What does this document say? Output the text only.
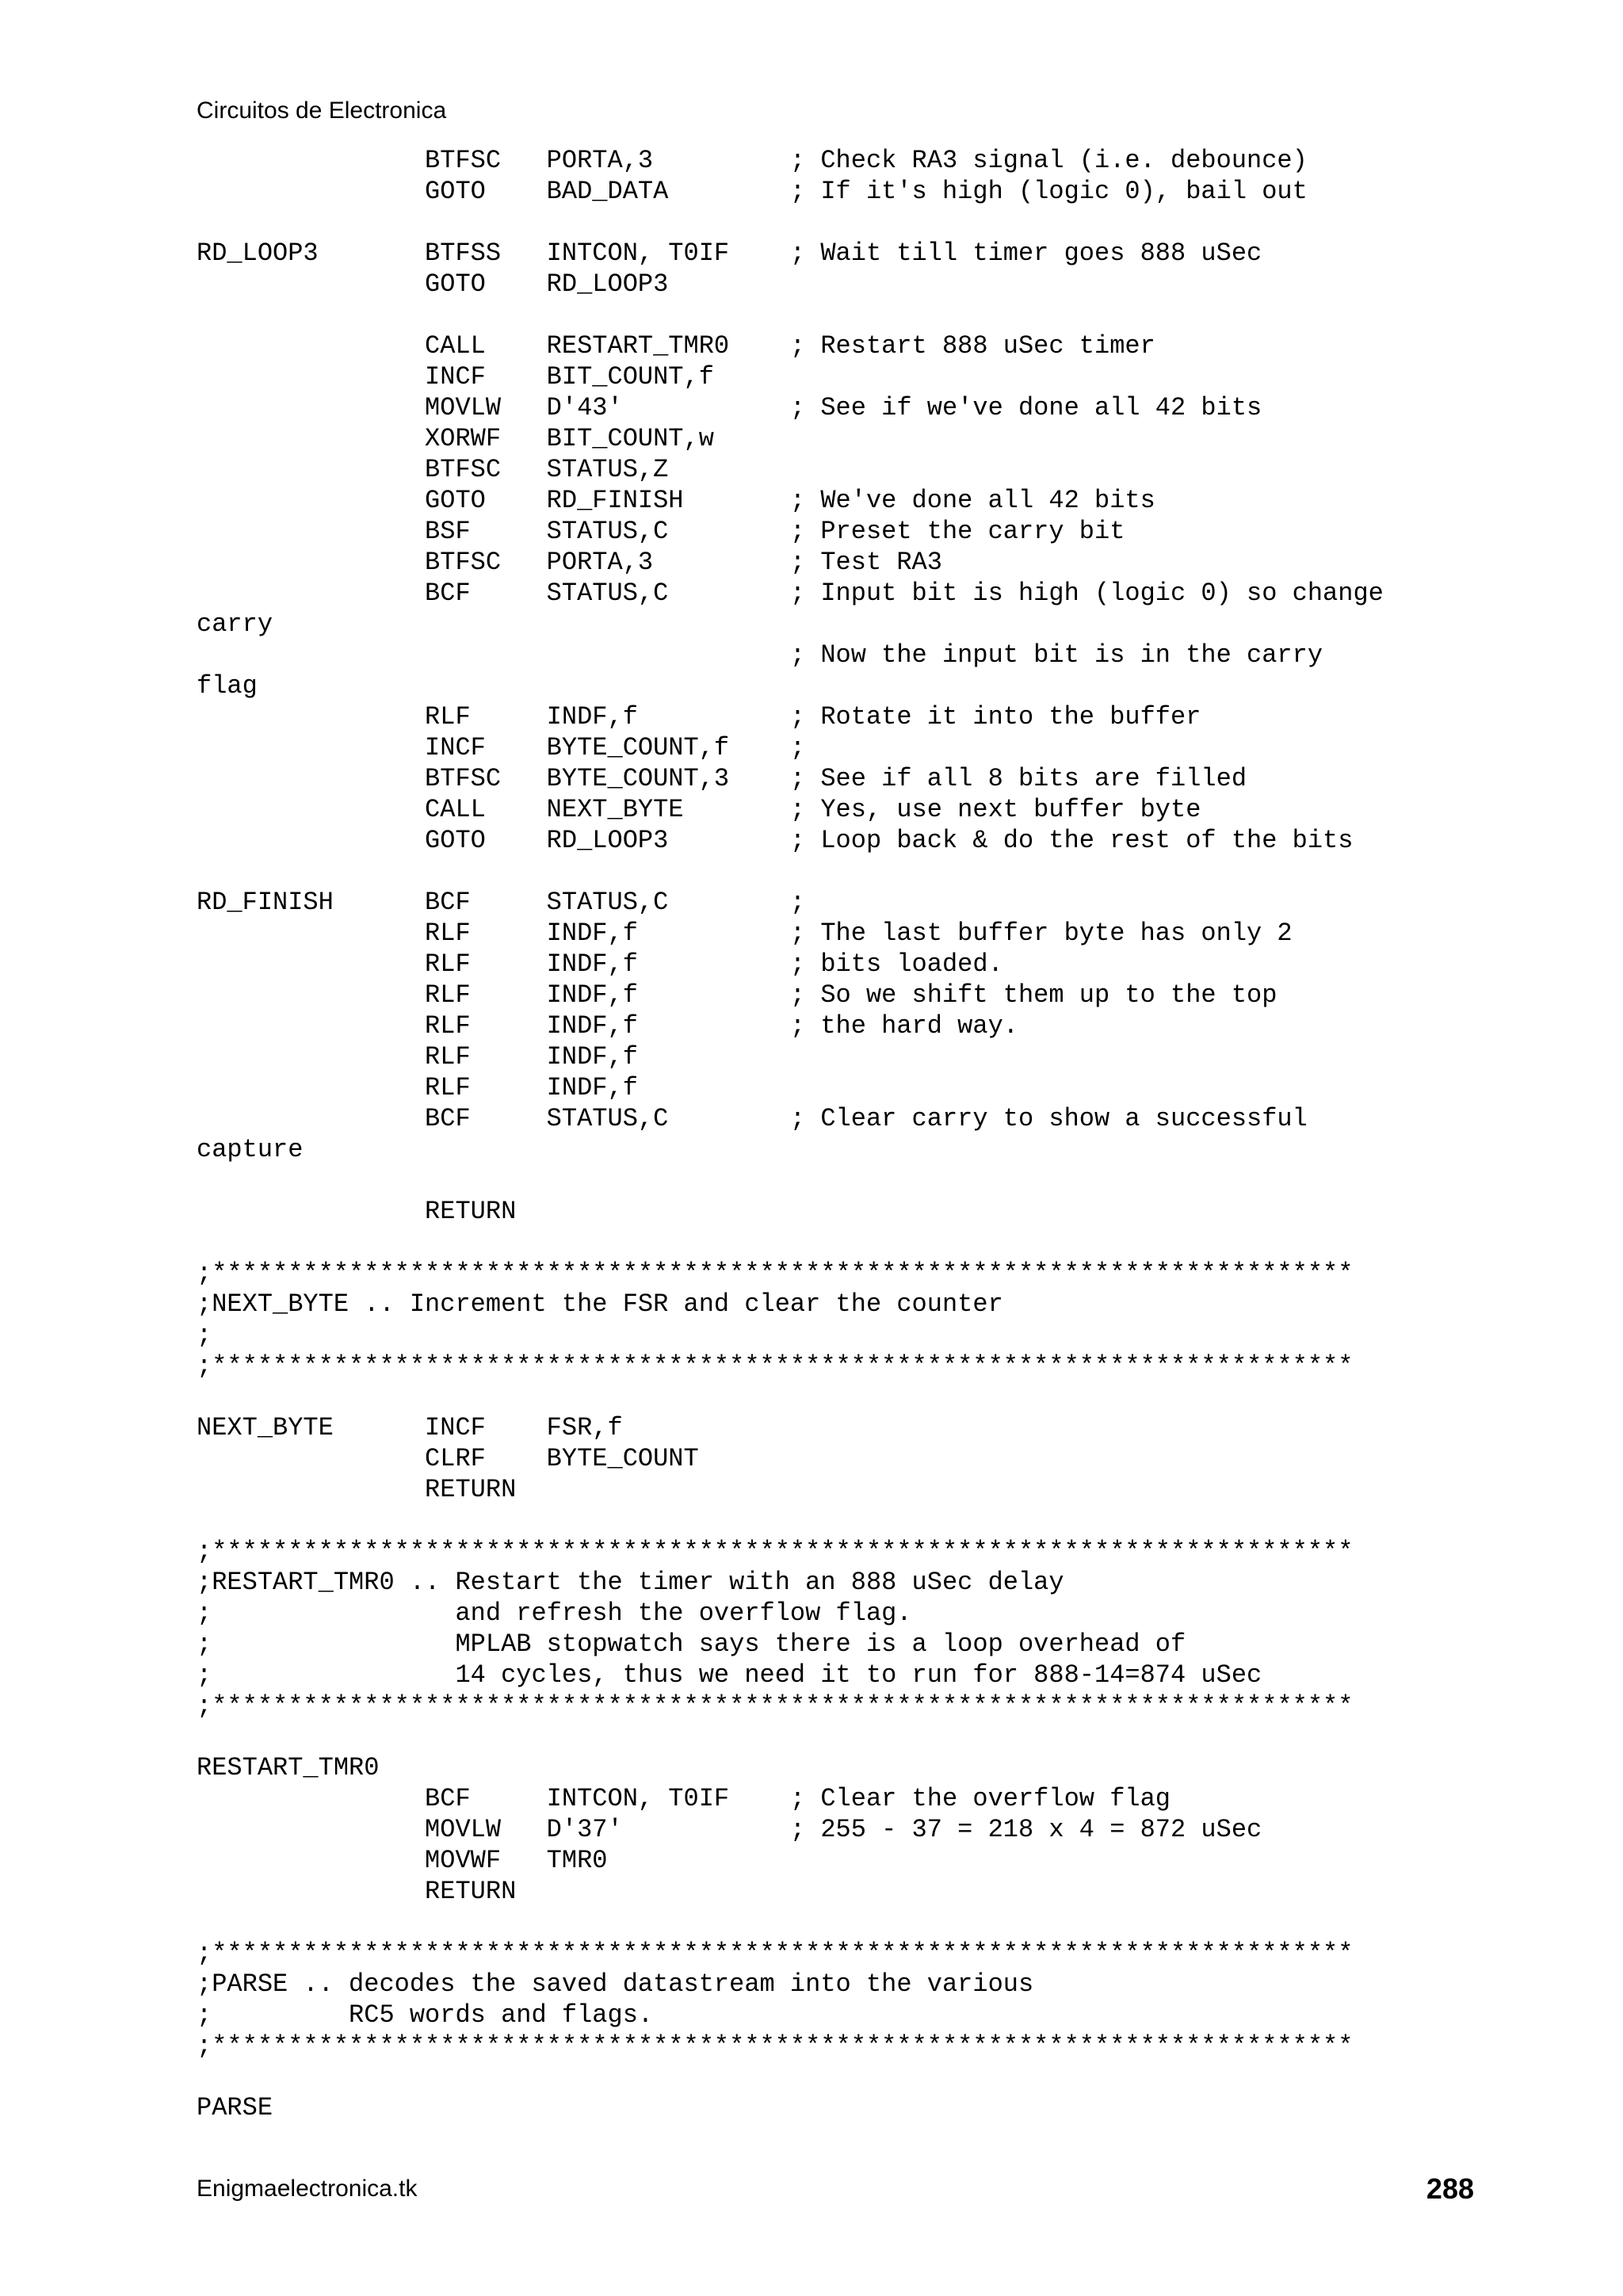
Circuitos de Electronica
BTFSC   PORTA,3         ; Check RA3 signal (i.e. debounce)
GOTO    BAD_DATA        ; If it's high (logic 0), bail out

RD_LOOP3       BTFSS   INTCON, T0IF    ; Wait till timer goes 888 uSec
GOTO    RD_LOOP3

CALL    RESTART_TMR0    ; Restart 888 uSec timer
INCF    BIT_COUNT,f
MOVLW   D'43'           ; See if we've done all 42 bits
XORWF   BIT_COUNT,w
BTFSC   STATUS,Z
GOTO    RD_FINISH       ; We've done all 42 bits
BSF     STATUS,C        ; Preset the carry bit
BTFSC   PORTA,3         ; Test RA3
BCF     STATUS,C        ; Input bit is high (logic 0) so change
carry
; Now the input bit is in the carry
flag
RLF     INDF,f          ; Rotate it into the buffer
INCF    BYTE_COUNT,f    ;
BTFSC   BYTE_COUNT,3    ; See if all 8 bits are filled
CALL    NEXT_BYTE       ; Yes, use next buffer byte
GOTO    RD_LOOP3        ; Loop back & do the rest of the bits

RD_FINISH      BCF     STATUS,C        ;
RLF     INDF,f          ; The last buffer byte has only 2
RLF     INDF,f          ; bits loaded.
RLF     INDF,f          ; So we shift them up to the top
RLF     INDF,f          ; the hard way.
RLF     INDF,f
RLF     INDF,f
BCF     STATUS,C        ; Clear carry to show a successful
capture

RETURN

;***************************************************************************
;NEXT_BYTE .. Increment the FSR and clear the counter
;
;***************************************************************************

NEXT_BYTE      INCF    FSR,f
CLRF    BYTE_COUNT
RETURN

;***************************************************************************
;RESTART_TMR0 .. Restart the timer with an 888 uSec delay
;                and refresh the overflow flag.
;                MPLAB stopwatch says there is a loop overhead of
;                14 cycles, thus we need it to run for 888-14=874 uSec
;***************************************************************************

RESTART_TMR0
BCF     INTCON, T0IF    ; Clear the overflow flag
MOVLW   D'37'           ; 255 - 37 = 218 x 4 = 872 uSec
MOVWF   TMR0
RETURN

;***************************************************************************
;PARSE .. decodes the saved datastream into the various
;         RC5 words and flags.
;***************************************************************************

PARSE
Enigmaelectronica.tk	288
